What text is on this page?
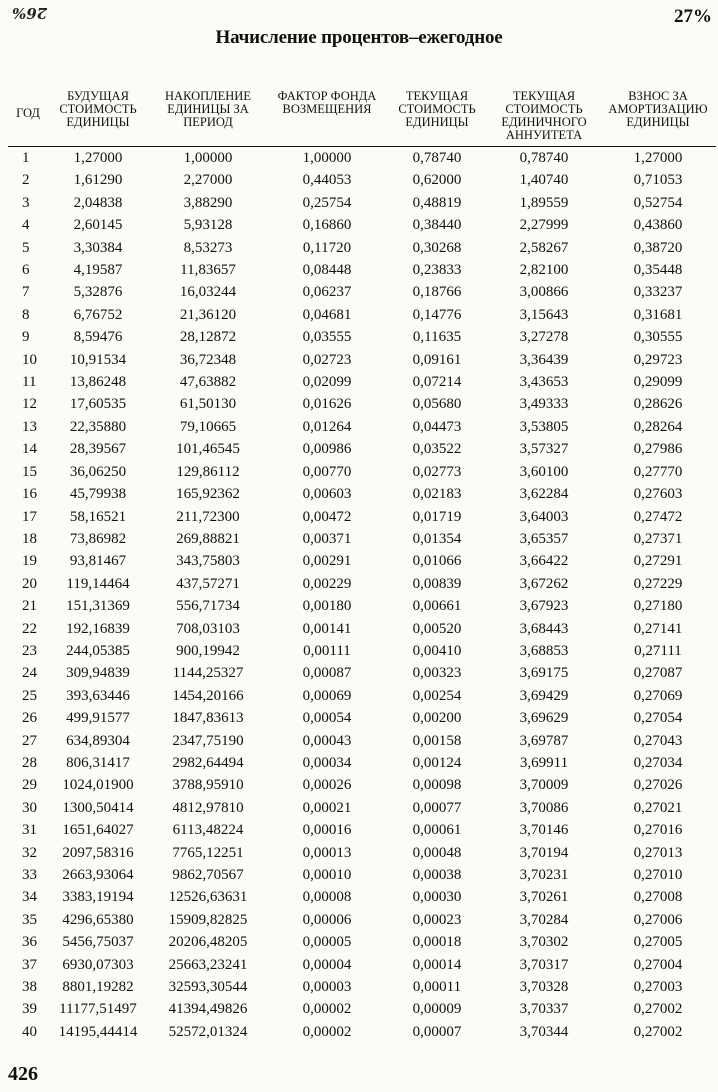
26%	27%
Начисление процентов–ежегодное
ГОД	БУДУЩАЯ СТОИМОСТЬ ЕДИНИЦЫ	НАКОПЛЕНИЕ ЕДИНИЦЫ ЗА ПЕРИОД	ФАКТОР ФОНДА ВОЗМЕЩЕНИЯ	ТЕКУЩАЯ СТОИМОСТЬ ЕДИНИЦЫ	ТЕКУЩАЯ СТОИМОСТЬ ЕДИНИЧНОГО АННУИТЕТА	ВЗНОС ЗА АМОРТИЗАЦИЮ ЕДИНИЦЫ
1	1,27000	1,00000	1,00000	0,78740	0,78740	1,27000
2	1,61290	2,27000	0,44053	0,62000	1,40740	0,71053
3	2,04838	3,88290	0,25754	0,48819	1,89559	0,52754
4	2,60145	5,93128	0,16860	0,38440	2,27999	0,43860
5	3,30384	8,53273	0,11720	0,30268	2,58267	0,38720
6	4,19587	11,83657	0,08448	0,23833	2,82100	0,35448
7	5,32876	16,03244	0,06237	0,18766	3,00866	0,33237
8	6,76752	21,36120	0,04681	0,14776	3,15643	0,31681
9	8,59476	28,12872	0,03555	0,11635	3,27278	0,30555
10	10,91534	36,72348	0,02723	0,09161	3,36439	0,29723
11	13,86248	47,63882	0,02099	0,07214	3,43653	0,29099
12	17,60535	61,50130	0,01626	0,05680	3,49333	0,28626
13	22,35880	79,10665	0,01264	0,04473	3,53805	0,28264
14	28,39567	101,46545	0,00986	0,03522	3,57327	0,27986
15	36,06250	129,86112	0,00770	0,02773	3,60100	0,27770
16	45,79938	165,92362	0,00603	0,02183	3,62284	0,27603
17	58,16521	211,72300	0,00472	0,01719	3,64003	0,27472
18	73,86982	269,88821	0,00371	0,01354	3,65357	0,27371
19	93,81467	343,75803	0,00291	0,01066	3,66422	0,27291
20	119,14464	437,57271	0,00229	0,00839	3,67262	0,27229
21	151,31369	556,71734	0,00180	0,00661	3,67923	0,27180
22	192,16839	708,03103	0,00141	0,00520	3,68443	0,27141
23	244,05385	900,19942	0,00111	0,00410	3,68853	0,27111
24	309,94839	1144,25327	0,00087	0,00323	3,69175	0,27087
25	393,63446	1454,20166	0,00069	0,00254	3,69429	0,27069
26	499,91577	1847,83613	0,00054	0,00200	3,69629	0,27054
27	634,89304	2347,75190	0,00043	0,00158	3,69787	0,27043
28	806,31417	2982,64494	0,00034	0,00124	3,69911	0,27034
29	1024,01900	3788,95910	0,00026	0,00098	3,70009	0,27026
30	1300,50414	4812,97810	0,00021	0,00077	3,70086	0,27021
31	1651,64027	6113,48224	0,00016	0,00061	3,70146	0,27016
32	2097,58316	7765,12251	0,00013	0,00048	3,70194	0,27013
33	2663,93064	9862,70567	0,00010	0,00038	3,70231	0,27010
34	3383,19194	12526,63631	0,00008	0,00030	3,70261	0,27008
35	4296,65380	15909,82825	0,00006	0,00023	3,70284	0,27006
36	5456,75037	20206,48205	0,00005	0,00018	3,70302	0,27005
37	6930,07303	25663,23241	0,00004	0,00014	3,70317	0,27004
38	8801,19282	32593,30544	0,00003	0,00011	3,70328	0,27003
39	11177,51497	41394,49826	0,00002	0,00009	3,70337	0,27002
40	14195,44414	52572,01324	0,00002	0,00007	3,70344	0,27002
426
